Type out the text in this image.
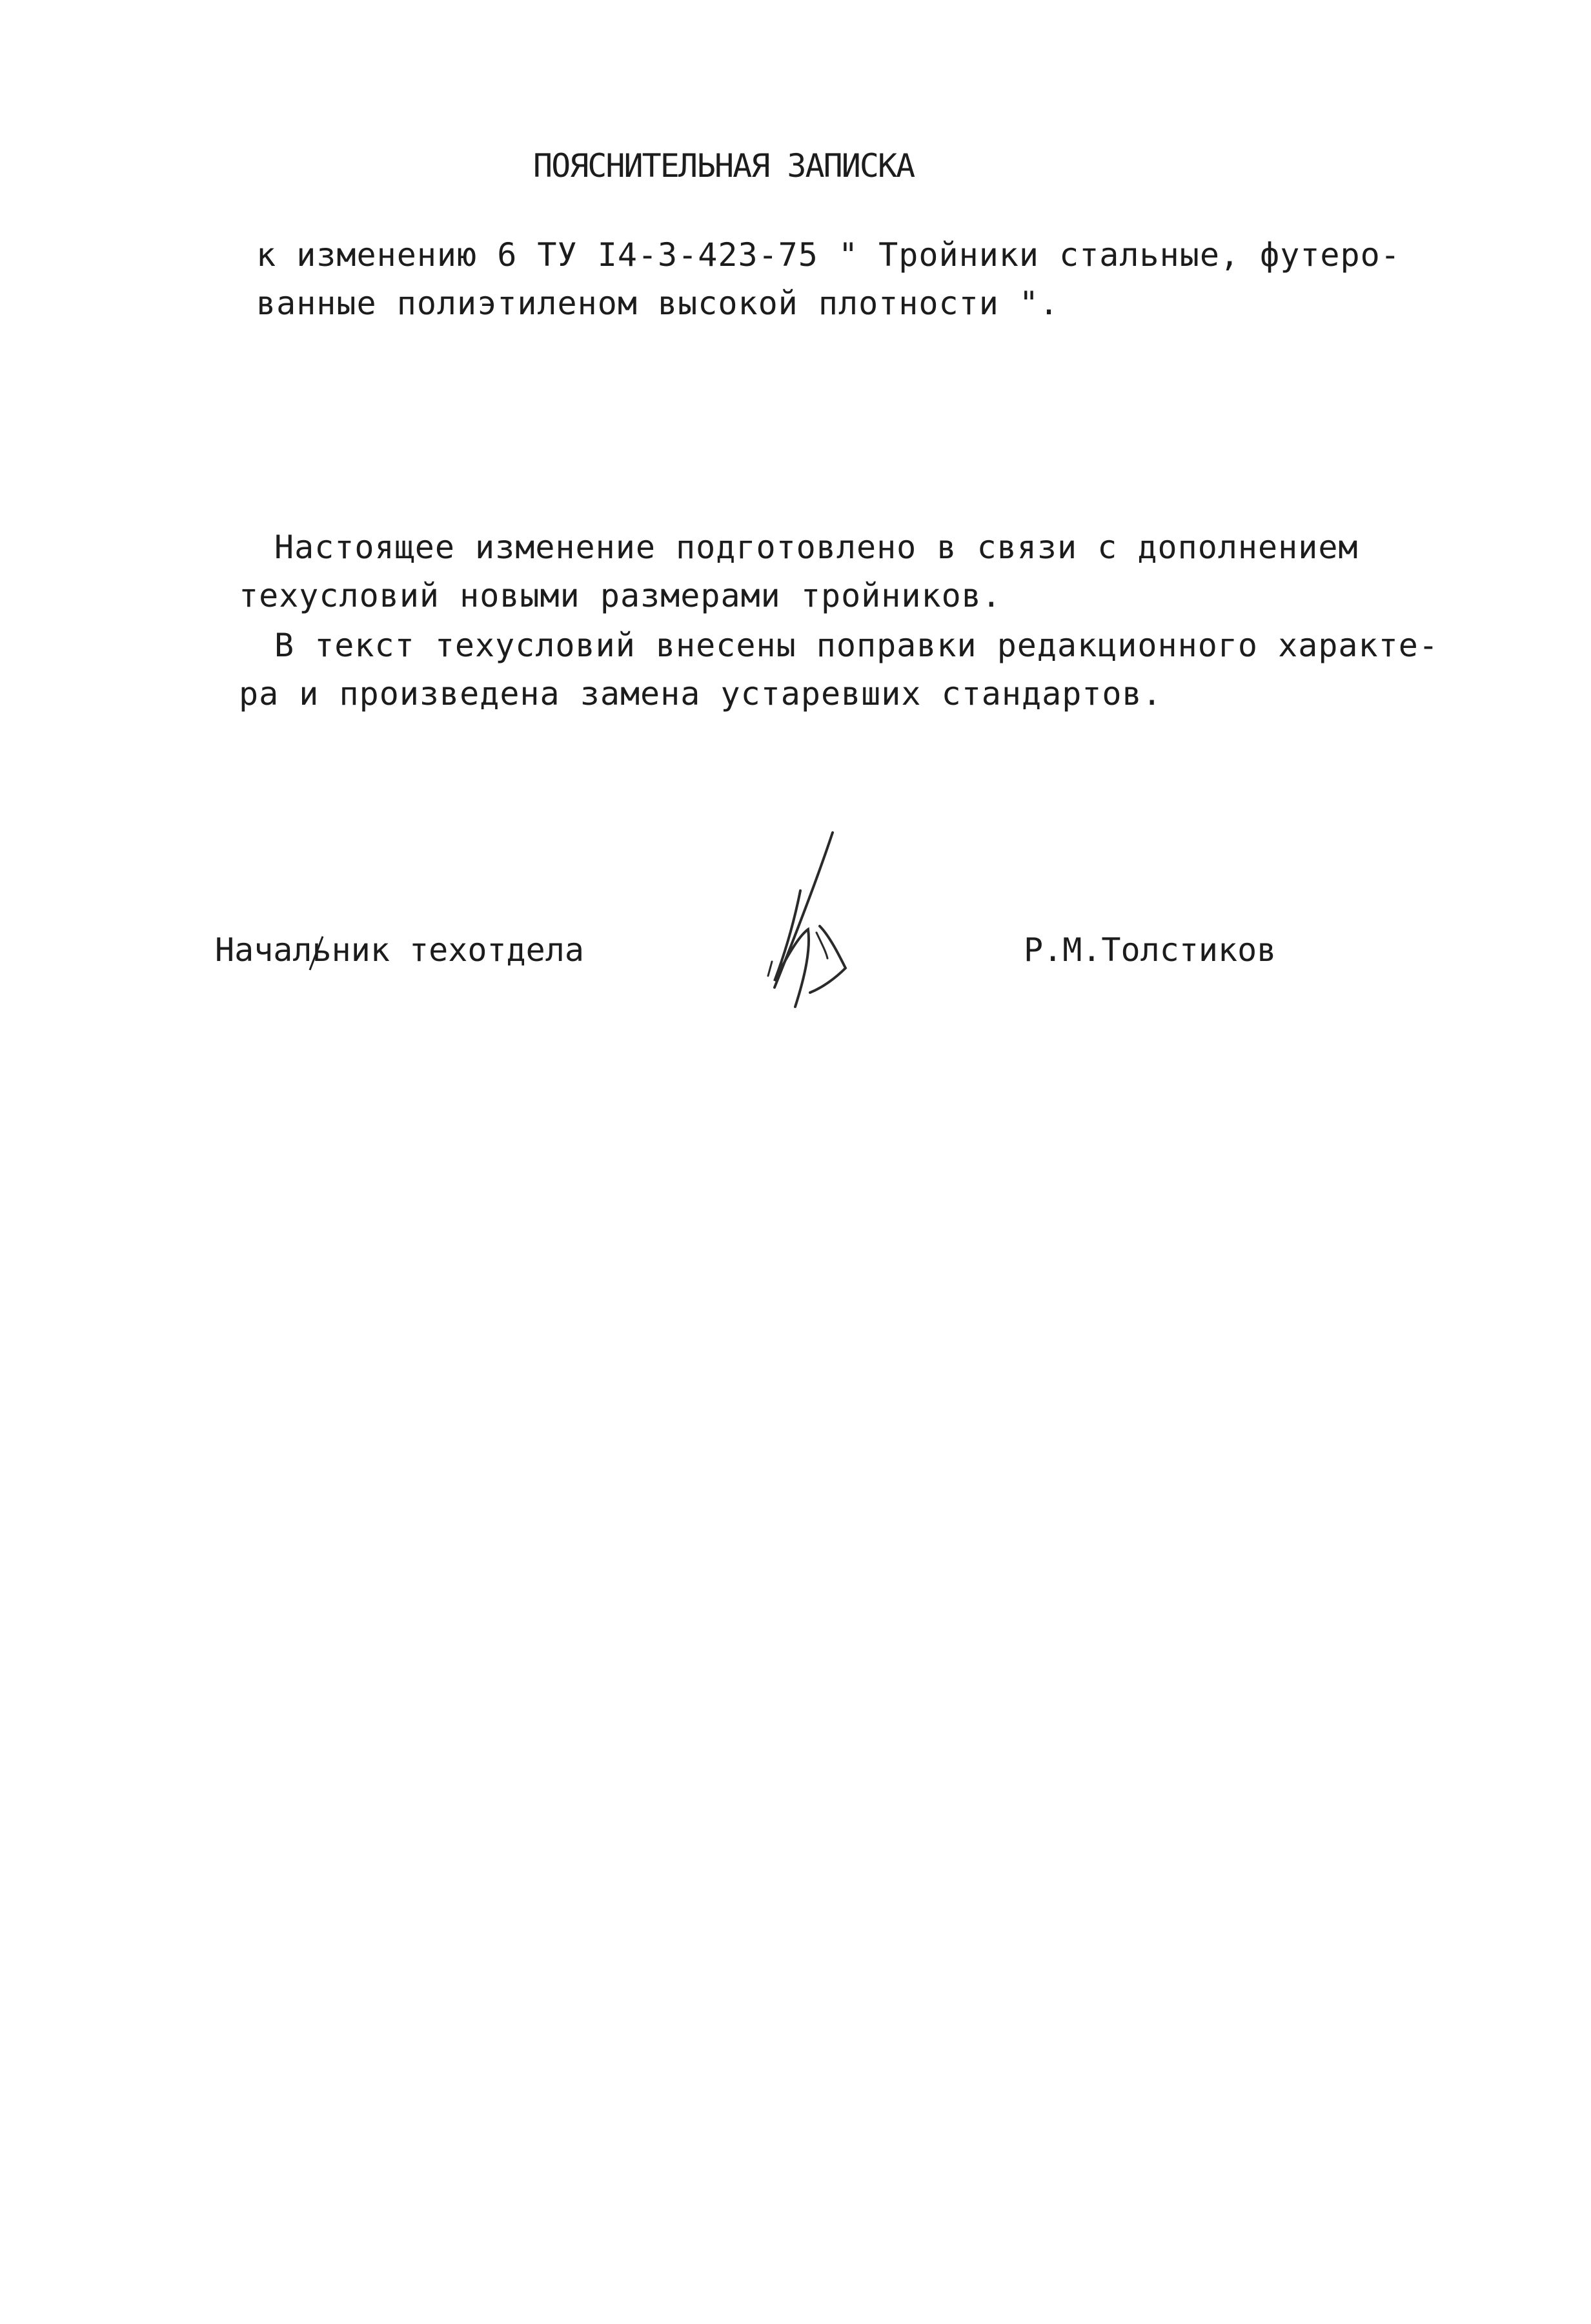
ПОЯСНИТЕЛЬНАЯ ЗАПИСКА
к изменению 6 ТУ I4-3-423-75 " Тройники стальные, футеро-
ванные полиэтиленом высокой плотности ".
Настоящее изменение подготовлено в связи с дополнением
техусловий новыми размерами тройников.
В текст техусловий внесены поправки редакционного характе-
ра и произведена замена устаревших стандартов.
Начальник техотдела	Р.М.Толстиков
